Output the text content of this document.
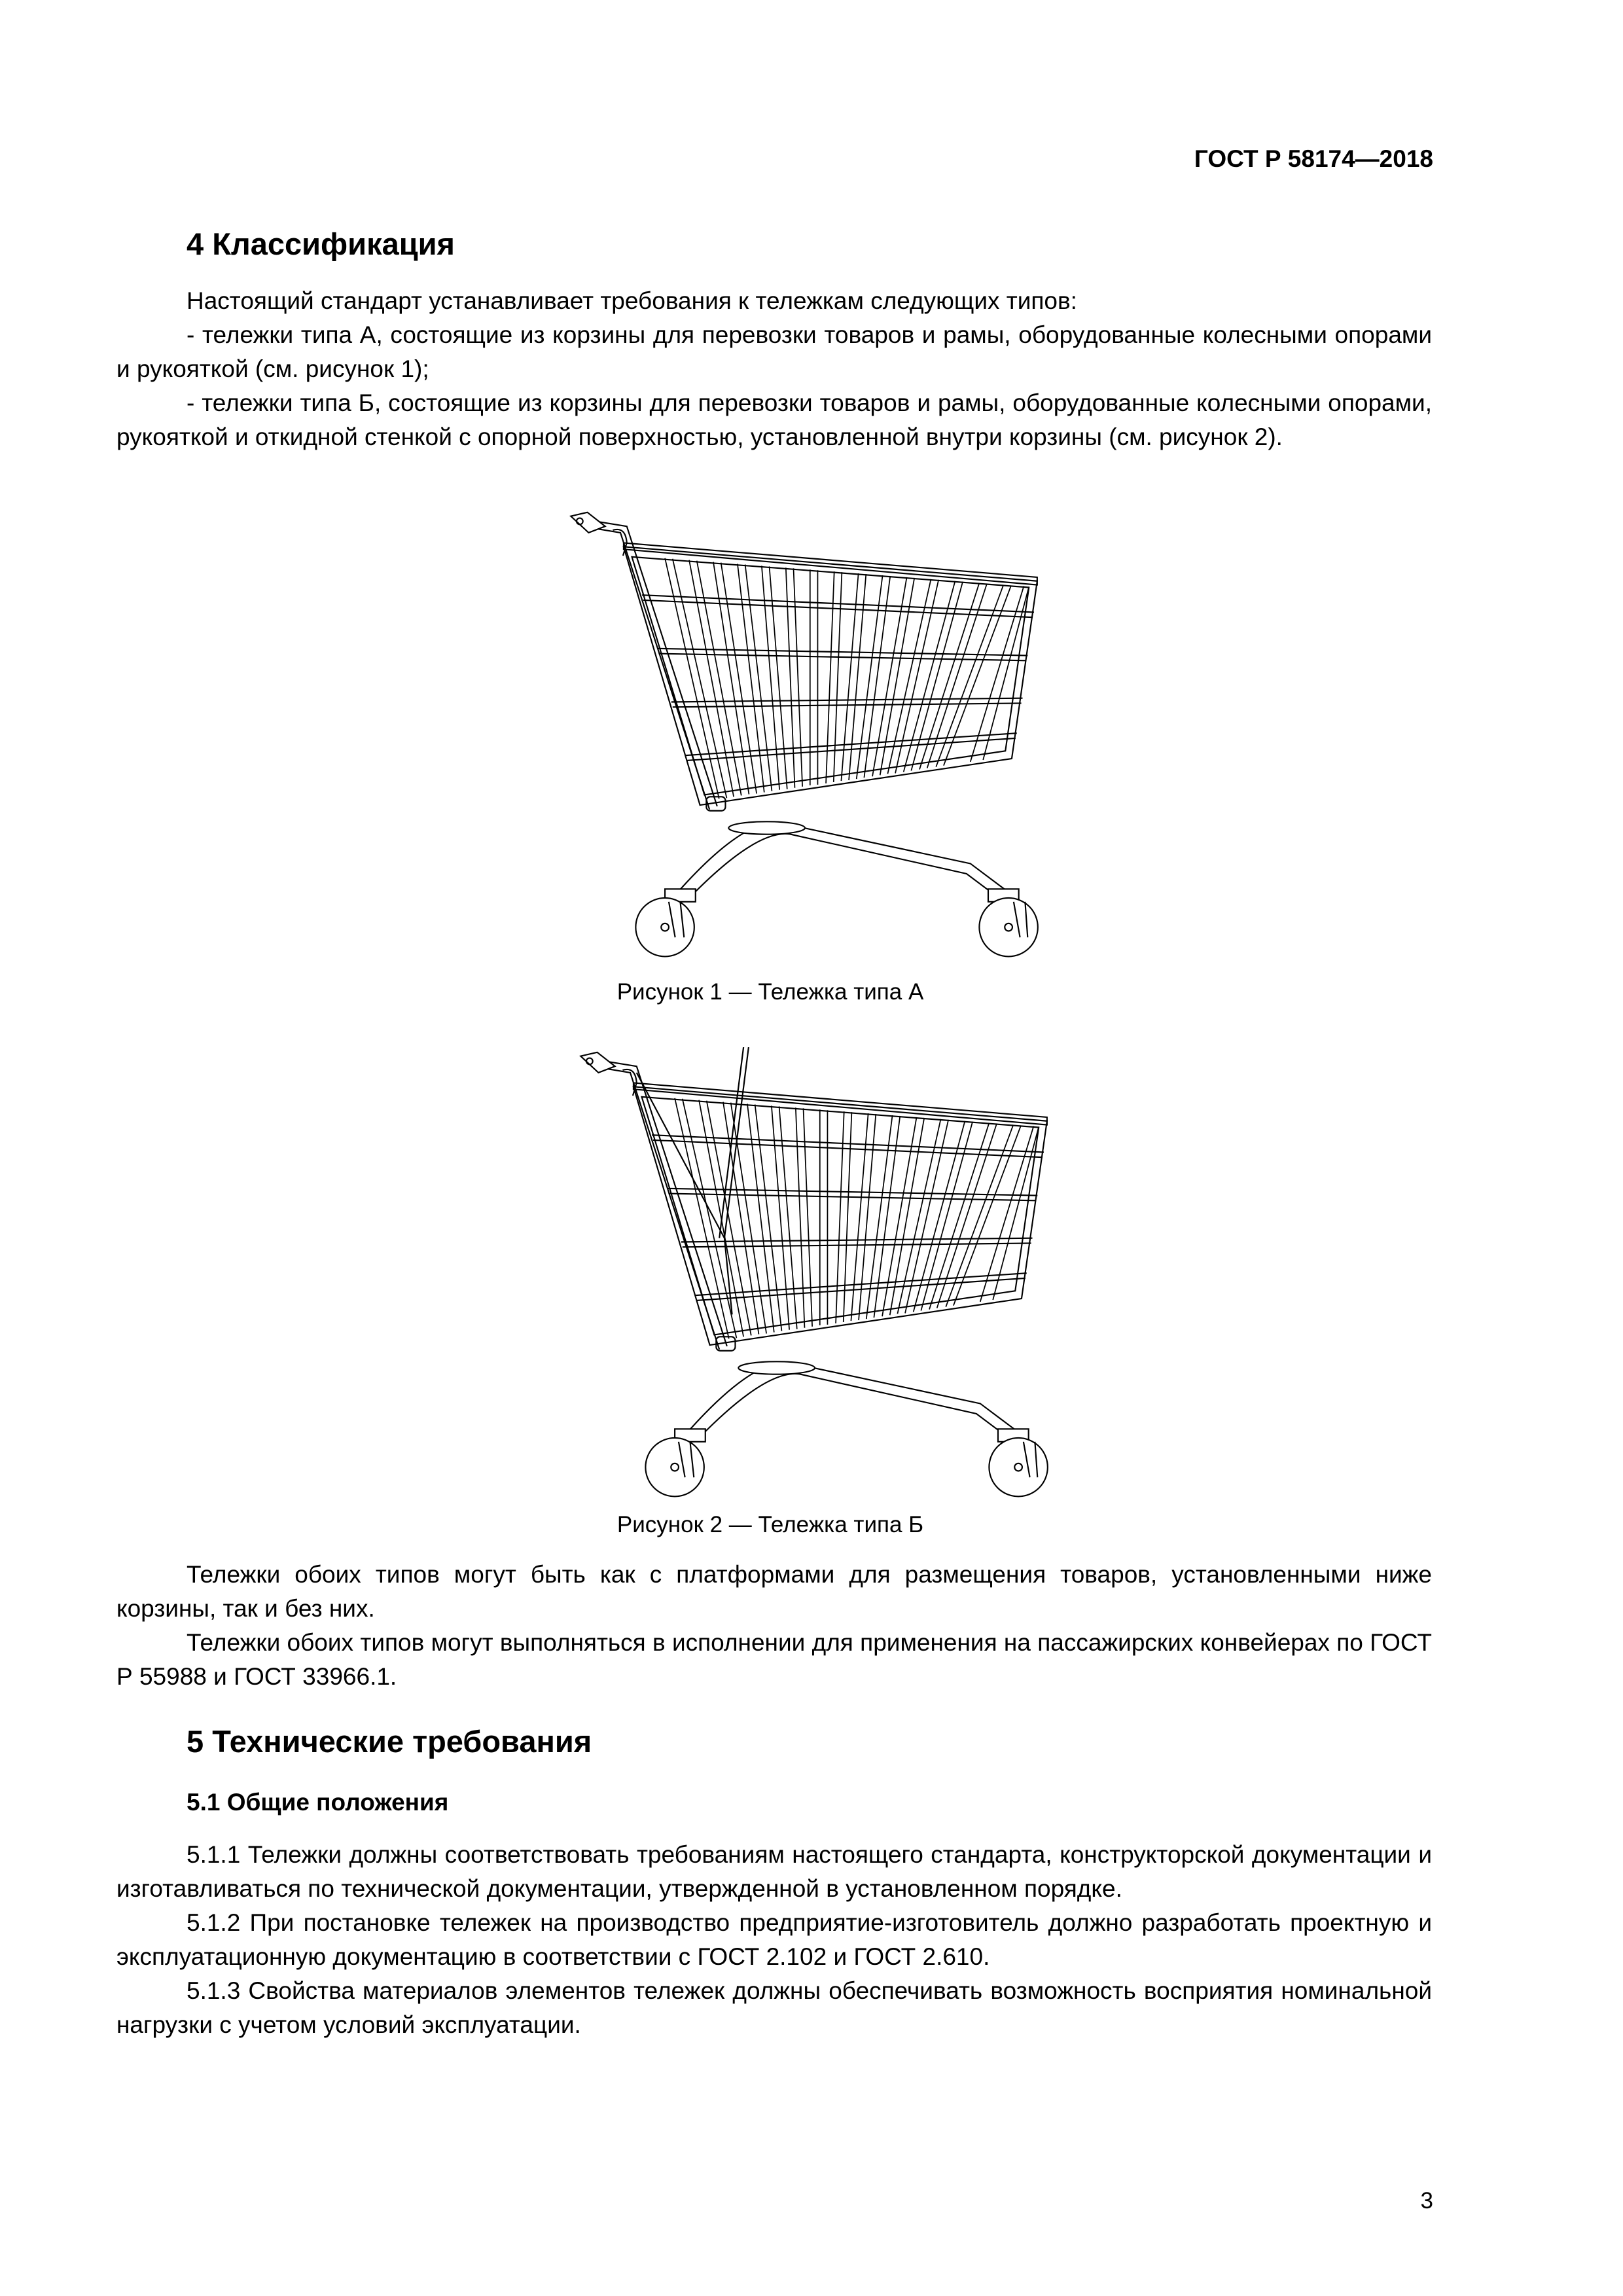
ГОСТ Р 58174—2018
4 Классификация
Настоящий стандарт устанавливает требования к тележкам следующих типов:
- тележки типа А, состоящие из корзины для перевозки товаров и рамы, оборудованные колесными опорами и рукояткой (см. рисунок 1);
- тележки типа Б, состоящие из корзины для перевозки товаров и рамы, оборудованные колесными опорами, рукояткой и откидной стенкой с опорной поверхностью, установленной внутри корзины (см. рисунок 2).
Рисунок 1 — Тележка типа А
Рисунок 2 — Тележка типа Б
Тележки обоих типов могут быть как с платформами для размещения товаров, установленными ниже корзины, так и без них.
Тележки обоих типов могут выполняться в исполнении для применения на пассажирских конвейерах по ГОСТ Р 55988 и ГОСТ 33966.1.
5 Технические требования
5.1 Общие положения
5.1.1 Тележки должны соответствовать требованиям настоящего стандарта, конструкторской документации и изготавливаться по технической документации, утвержденной в установленном порядке.
5.1.2 При постановке тележек на производство предприятие-изготовитель должно разработать проектную и эксплуатационную документацию в соответствии с ГОСТ 2.102 и ГОСТ 2.610.
5.1.3 Свойства материалов элементов тележек должны обеспечивать возможность восприятия номинальной нагрузки с учетом условий эксплуатации.
3
